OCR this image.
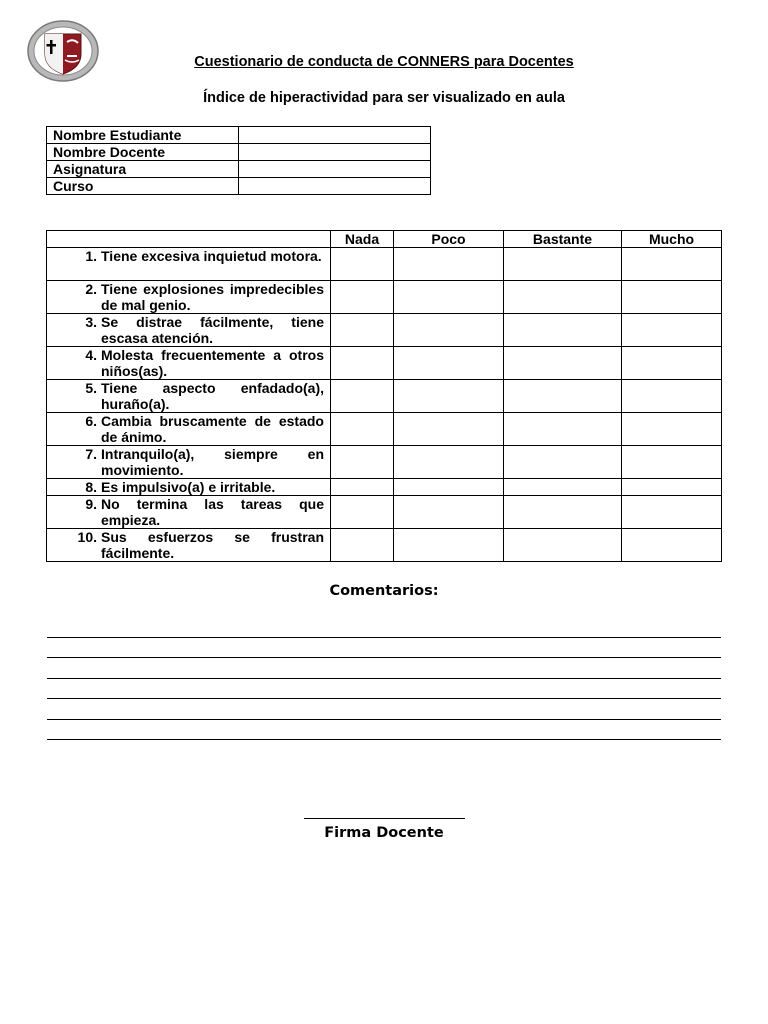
Cuestionario de conducta de CONNERS para Docentes
Índice de hiperactividad para ser visualizado en aula
Nombre Estudiante	
Nombre Docente	
Asignatura	
Curso	
	Nada	Poco	Bastante	Mucho

1. Tiene excesiva inquietud motora.				

2. Tiene explosiones impredecibles de mal genio.				

3. Se distrae fácilmente, tiene escasa atención.				

4. Molesta frecuentemente a otros niños(as).				

5. Tiene aspecto enfadado(a), huraño(a).				

6. Cambia bruscamente de estado de ánimo.				

7. Intranquilo(a), siempre en movimiento.				

8. Es impulsivo(a) e irritable.				

9. No termina las tareas que empieza.				

10. Sus esfuerzos se frustran fácilmente.				

Comentarios:
Firma Docente
